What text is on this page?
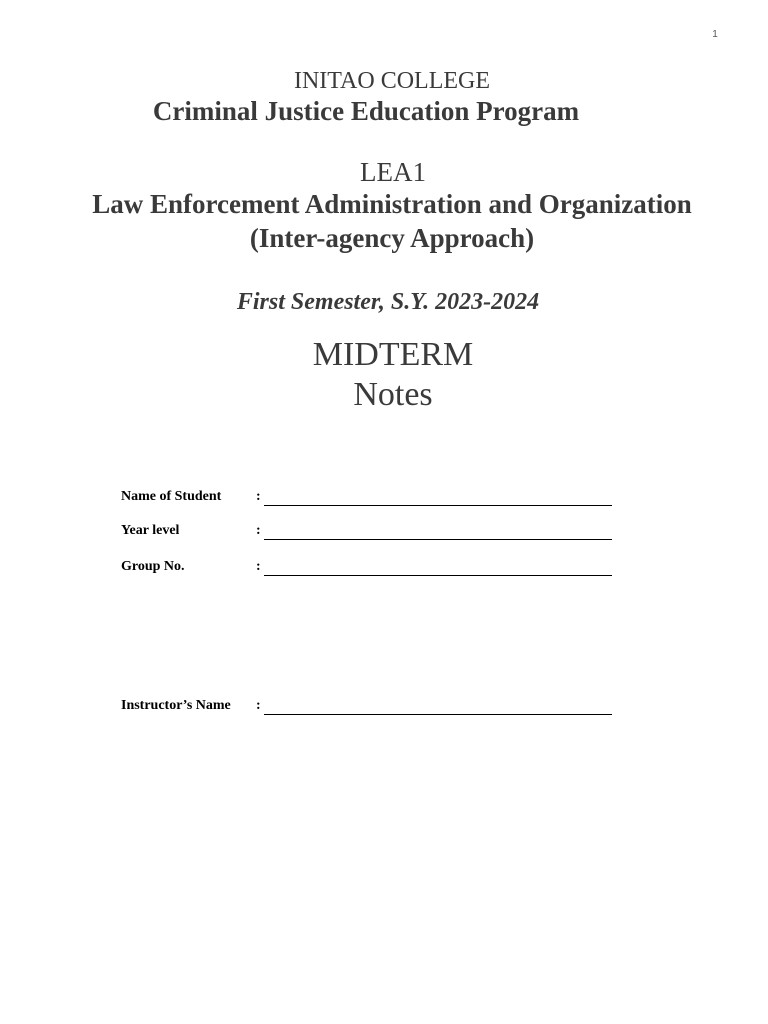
1
INITAO COLLEGE
Criminal Justice Education Program
LEA1
Law Enforcement Administration and Organization
(Inter-agency Approach)
First Semester, S.Y. 2023-2024
MIDTERM
Notes
Name of Student :
Year level	:
Group No.	:
Instructor’s Name :
